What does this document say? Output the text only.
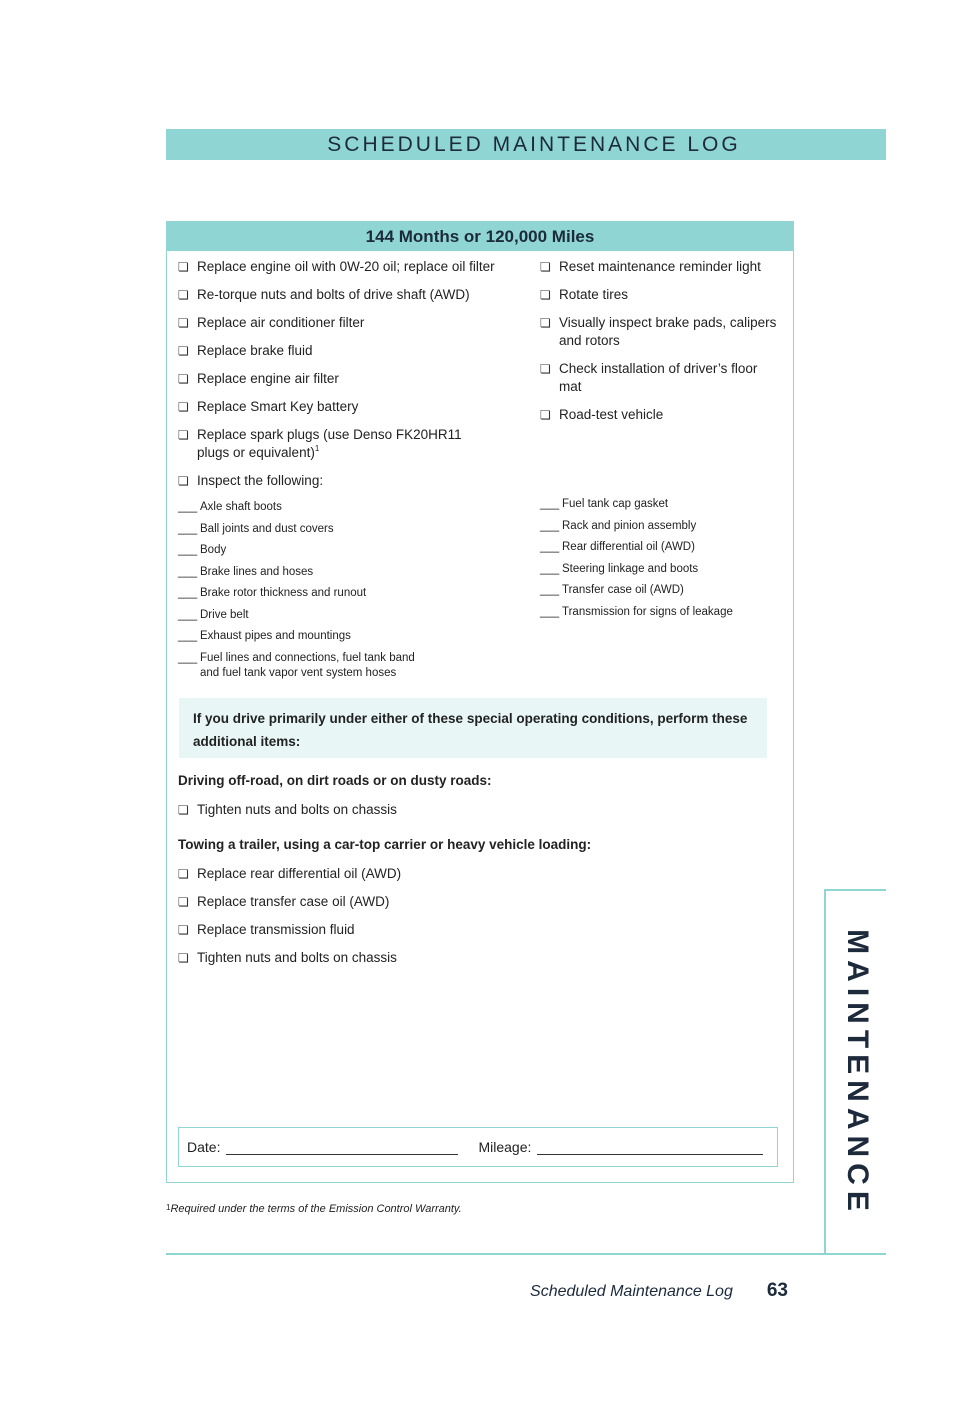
SCHEDULED MAINTENANCE LOG
144 Months or 120,000 Miles
❏ Replace engine oil with 0W-20 oil; replace oil filter
❏ Re-torque nuts and bolts of drive shaft (AWD)
❏ Replace air conditioner filter
❏ Replace brake fluid
❏ Replace engine air filter
❏ Replace Smart Key battery
❏ Replace spark plugs (use Denso FK20HR11 plugs or equivalent)$^1$
❏ Inspect the following:
❏ Reset maintenance reminder light
❏ Rotate tires
❏ Visually inspect brake pads, calipers and rotors
❏ Check installation of driver’s floor mat
❏ Road-test vehicle
___ Axle shaft boots
___ Ball joints and dust covers
___ Body
___ Brake lines and hoses
___ Brake rotor thickness and runout
___ Drive belt
___ Exhaust pipes and mountings
___ Fuel lines and connections, fuel tank band
and fuel tank vapor vent system hoses
___ Fuel tank cap gasket
___ Rack and pinion assembly
___ Rear differential oil (AWD)
___ Steering linkage and boots
___ Transfer case oil (AWD)
___ Transmission for signs of leakage
If you drive primarily under either of these special operating conditions, perform these additional items:
Driving off-road, on dirt roads or on dusty roads:
❏ Tighten nuts and bolts on chassis
Towing a trailer, using a car-top carrier or heavy vehicle loading:
❏ Replace rear differential oil (AWD)
❏ Replace transfer case oil (AWD)
❏ Replace transmission fluid
❏ Tighten nuts and bolts on chassis
Date:	Mileage:
$^1$Required under the terms of the Emission Control Warranty.	MAINTENANCE
Scheduled Maintenance Log 63
